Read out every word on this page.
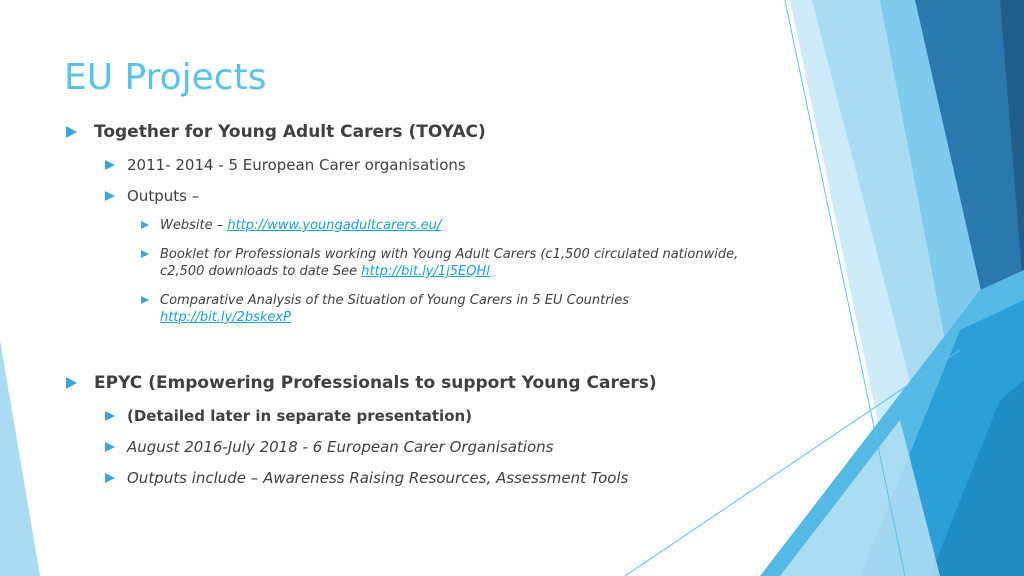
EU Projects
Together for Young Adult Carers (TOYAC)
2011- 2014 - 5 European Carer organisations
Outputs –
Website – http://www.youngadultcarers.eu/
Booklet for Professionals working with Young Adult Carers (c1,500 circulated nationwide,
c2,500 downloads to date See http://bit.ly/1j5EQHl
Comparative Analysis of the Situation of Young Carers in 5 EU Countries
http://bit.ly/2bskexP
EPYC (Empowering Professionals to support Young Carers)
(Detailed later in separate presentation)
August 2016-July 2018 - 6 European Carer Organisations
Outputs include – Awareness Raising Resources, Assessment Tools
